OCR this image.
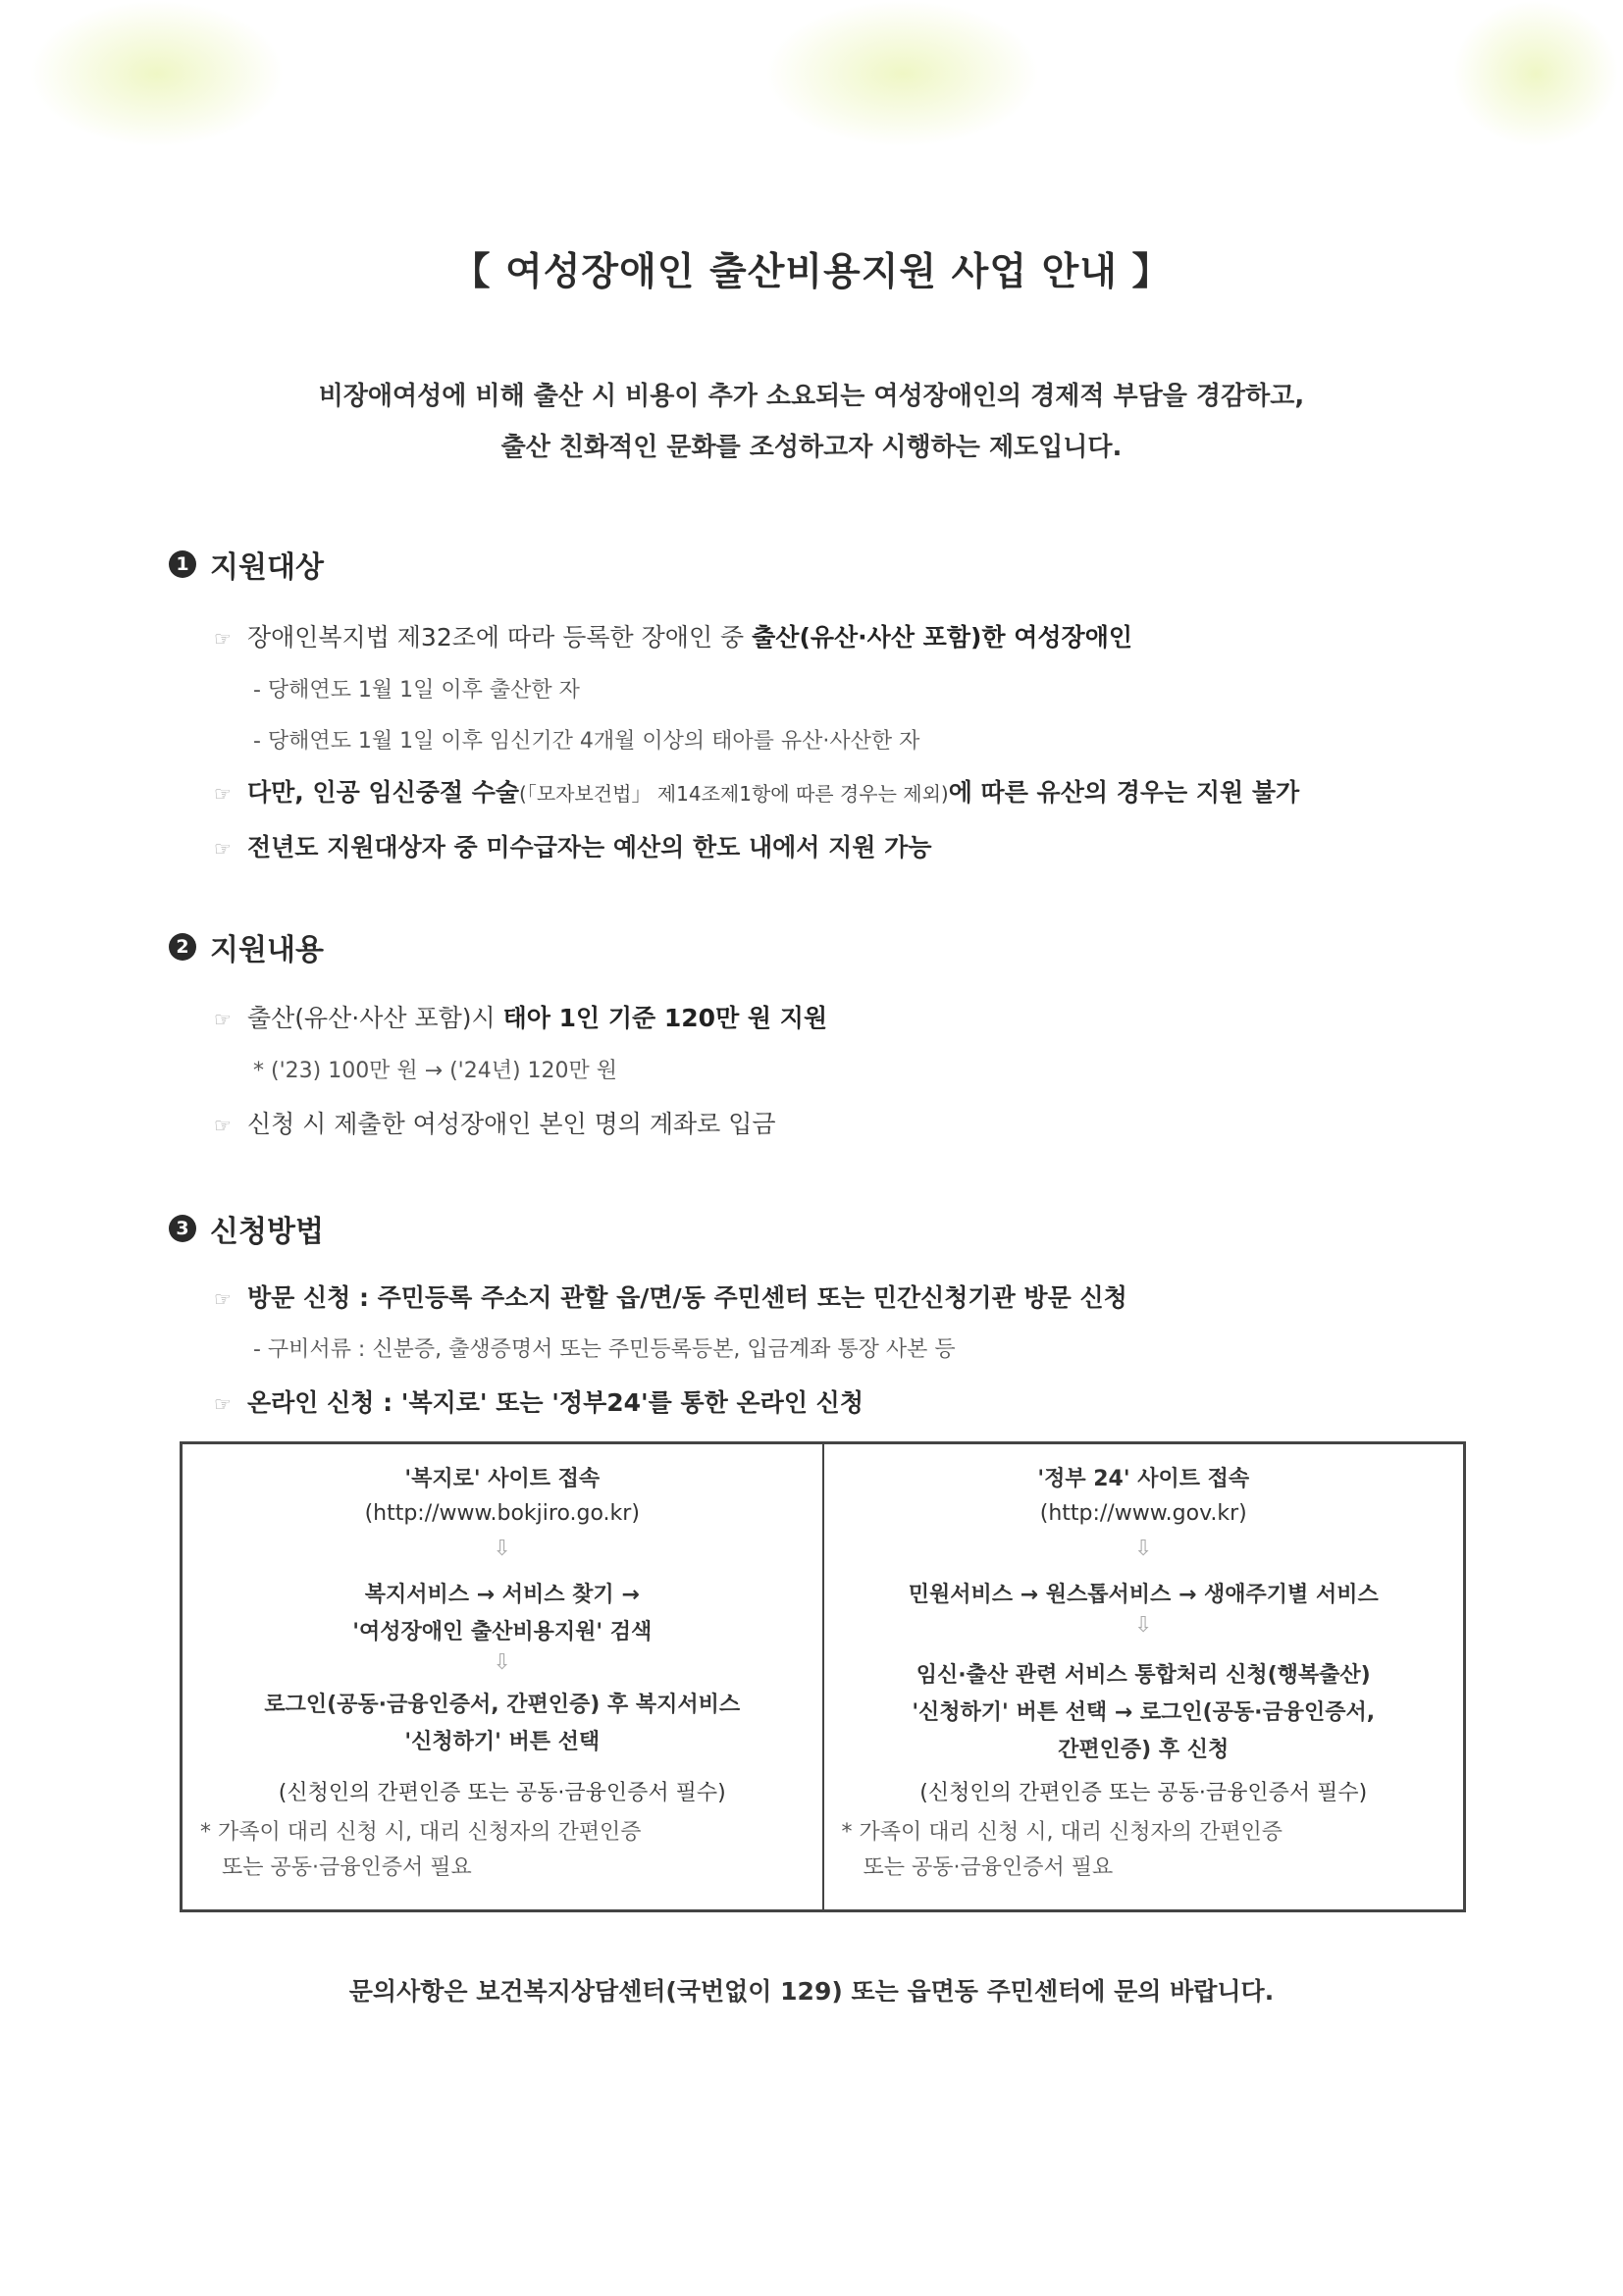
【 여성장애인 출산비용지원 사업 안내 】
비장애여성에 비해 출산 시 비용이 추가 소요되는 여성장애인의 경제적 부담을 경감하고,
출산 친화적인 문화를 조성하고자 시행하는 제도입니다.
1 지원대상
☞ 장애인복지법 제32조에 따라 등록한 장애인 중 출산(유산·사산 포함)한 여성장애인
- 당해연도 1월 1일 이후 출산한 자
- 당해연도 1월 1일 이후 임신기간 4개월 이상의 태아를 유산·사산한 자
☞ 다만, 인공 임신중절 수술(「모자보건법」 제14조제1항에 따른 경우는 제외)에 따른 유산의 경우는 지원 불가
☞ 전년도 지원대상자 중 미수급자는 예산의 한도 내에서 지원 가능
2 지원내용
☞ 출산(유산·사산 포함)시 태아 1인 기준 120만 원 지원
* ('23) 100만 원 → ('24년) 120만 원
☞ 신청 시 제출한 여성장애인 본인 명의 계좌로 입금
3 신청방법
☞ 방문 신청 : 주민등록 주소지 관할 읍/면/동 주민센터 또는 민간신청기관 방문 신청
- 구비서류 : 신분증, 출생증명서 또는 주민등록등본, 입금계좌 통장 사본 등
☞ 온라인 신청 : '복지로' 또는 '정부24'를 통한 온라인 신청
'복지로' 사이트 접속
(http://www.bokjiro.go.kr)
⇩
복지서비스 → 서비스 찾기 →
'여성장애인 출산비용지원' 검색
⇩
로그인(공동·금융인증서, 간편인증) 후 복지서비스
'신청하기' 버튼 선택
(신청인의 간편인증 또는 공동·금융인증서 필수)
* 가족이 대리 신청 시, 대리 신청자의 간편인증
또는 공동·금융인증서 필요
'정부 24' 사이트 접속
(http://www.gov.kr)
⇩
민원서비스 → 원스톱서비스 → 생애주기별 서비스
⇩
임신·출산 관련 서비스 통합처리 신청(행복출산)
'신청하기' 버튼 선택 → 로그인(공동·금융인증서,
간편인증) 후 신청
(신청인의 간편인증 또는 공동·금융인증서 필수)
* 가족이 대리 신청 시, 대리 신청자의 간편인증
또는 공동·금융인증서 필요
문의사항은 보건복지상담센터(국번없이 129) 또는 읍면동 주민센터에 문의 바랍니다.
